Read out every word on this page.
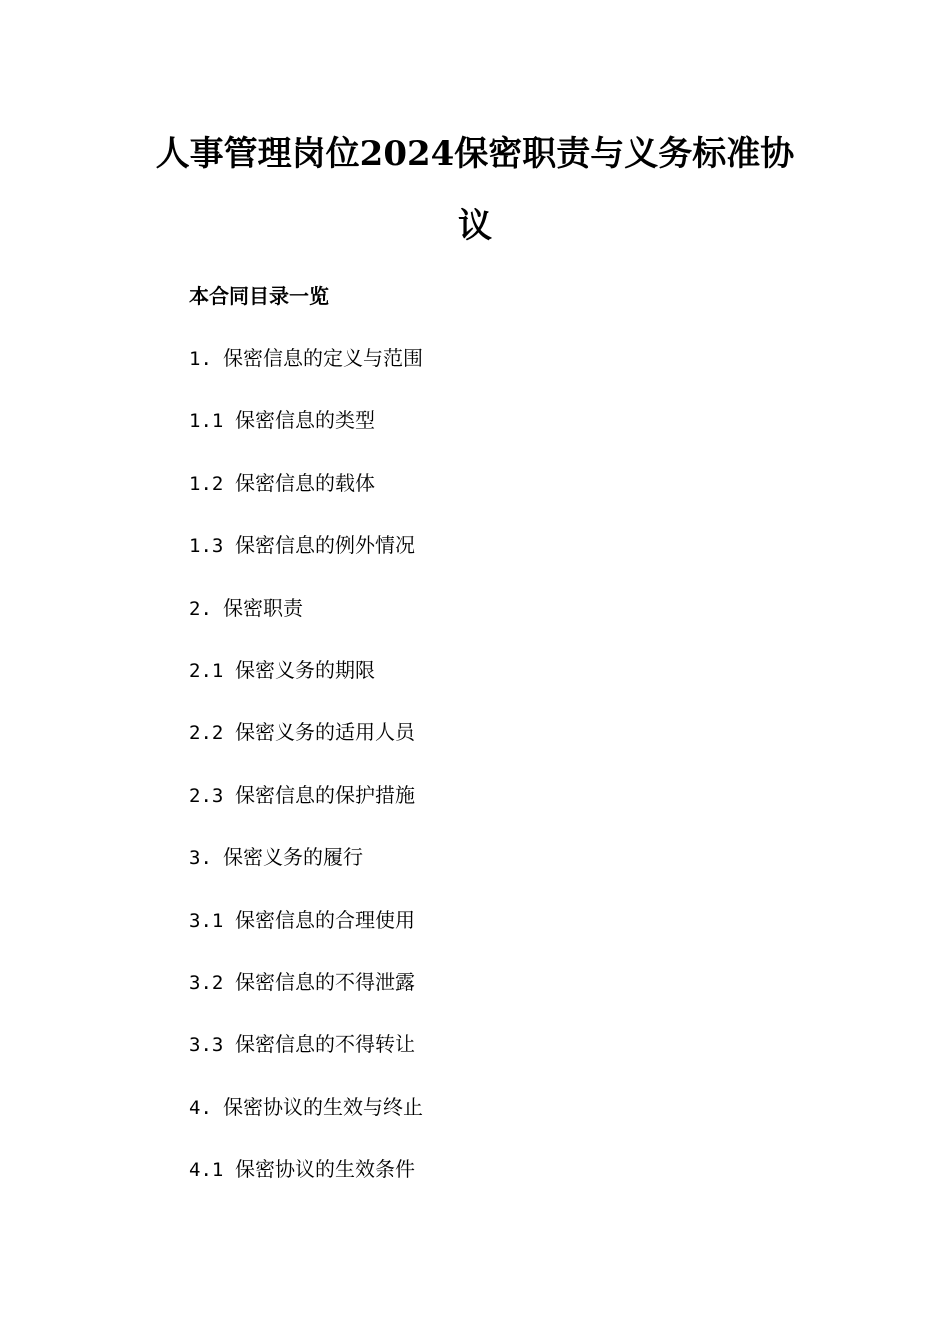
人事管理岗位2024保密职责与义务标准协
议
本合同目录一览
1. 保密信息的定义与范围
1.1 保密信息的类型
1.2 保密信息的载体
1.3 保密信息的例外情况
2. 保密职责
2.1 保密义务的期限
2.2 保密义务的适用人员
2.3 保密信息的保护措施
3. 保密义务的履行
3.1 保密信息的合理使用
3.2 保密信息的不得泄露
3.3 保密信息的不得转让
4. 保密协议的生效与终止
4.1 保密协议的生效条件
